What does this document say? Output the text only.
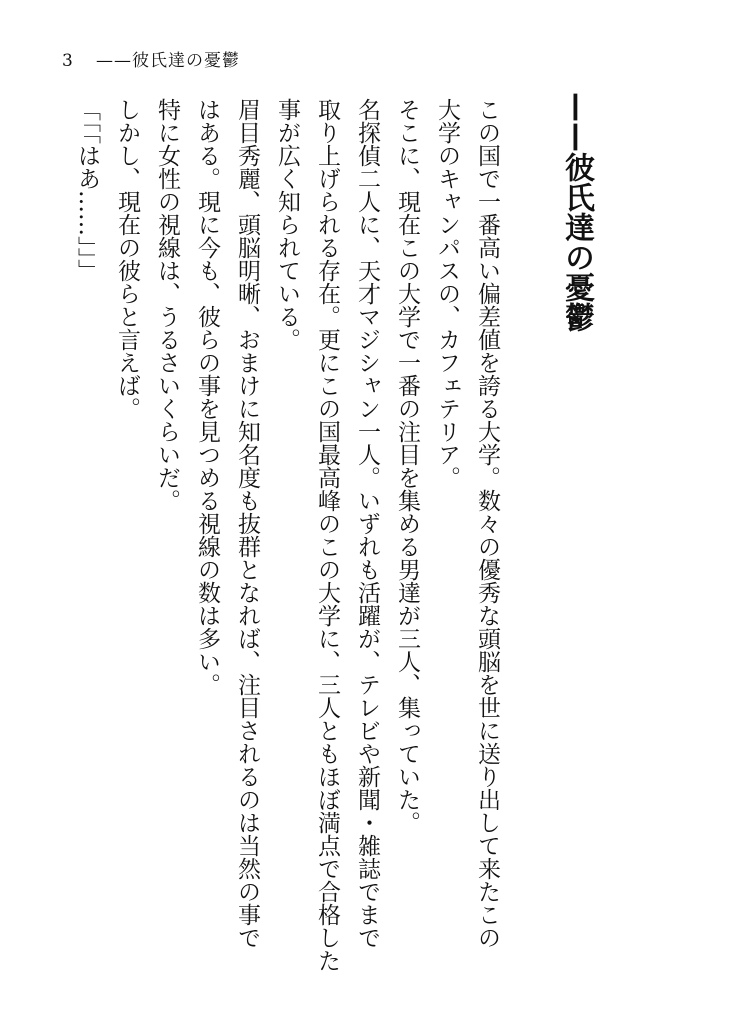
3 ——彼氏達の憂鬱
——彼氏達の憂鬱

この国で一番高い偏差値を誇る大学。数々の優秀な頭脳を世に送り出して来たこの

大学のキャンパスの、カフェテリア。

そこに、現在この大学で一番の注目を集める男達が三人、集っていた。

名探偵二人に、天才マジシャン一人。いずれも活躍が、テレビや新聞・雑誌でまで

取り上げられる存在。更にこの国最高峰のこの大学に、三人ともほぼ満点で合格した

事が広く知られている。

眉目秀麗、頭脳明晰、おまけに知名度も抜群となれば、注目されるのは当然の事で

はある。現に今も、彼らの事を見つめる視線の数は多い。

特に女性の視線は、うるさいくらいだ。

しかし、現在の彼らと言えば。

「「「はあ……」」」
